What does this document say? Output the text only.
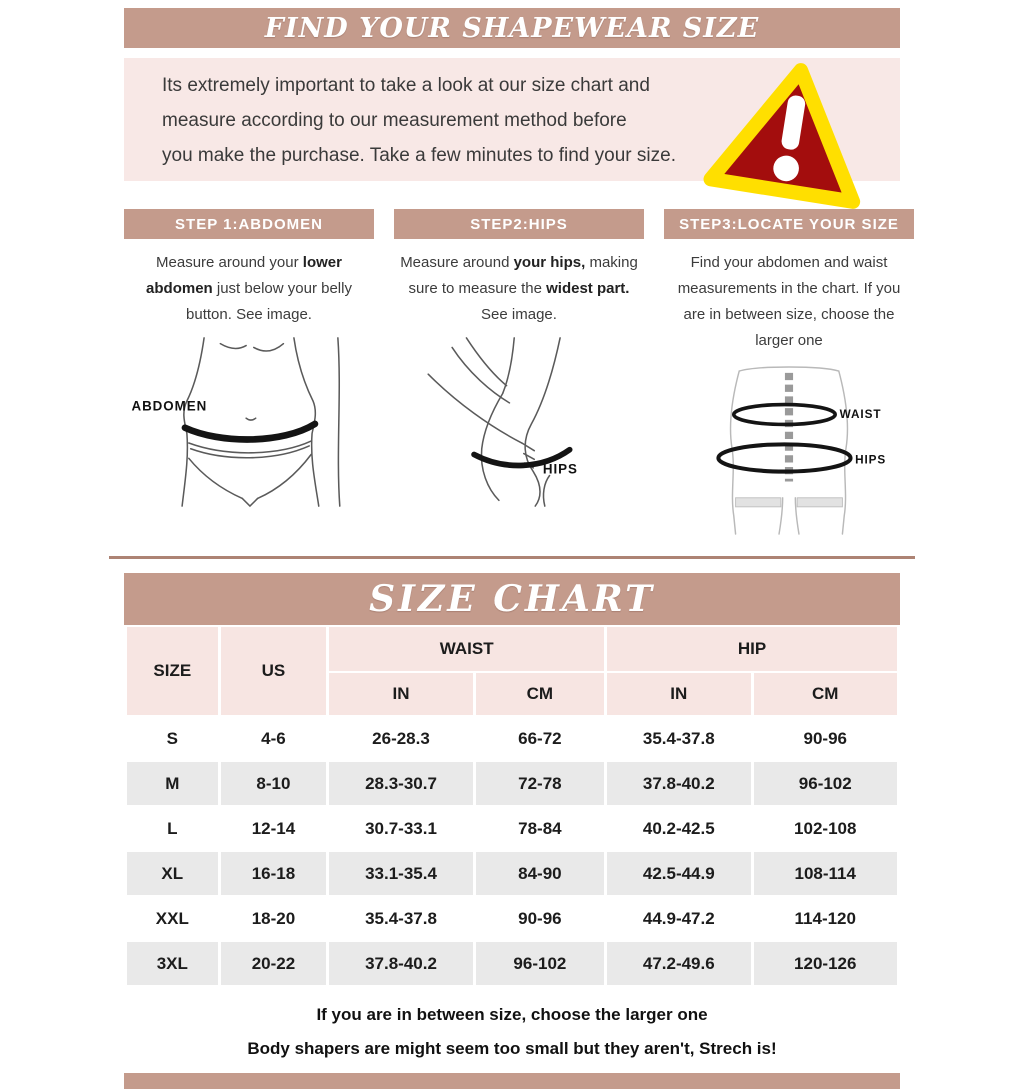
FIND YOUR SHAPEWEAR SIZE
Its extremely important to take a look at our size chart and
measure according to our measurement method before
you make the purchase. Take a few minutes to find your size.
STEP 1:ABDOMEN
Measure around your lower abdomen just below your belly button. See image.
ABDOMEN
STEP2:HIPS
Measure around your hips, making sure to measure the widest part. See image.
HIPS
STEP3:LOCATE YOUR SIZE
Find your abdomen and waist measurements in the chart. If you are in between size, choose the larger one
WAIST
HIPS
SIZE CHART
SIZE	US	WAIST		HIP	
		IN	CM	IN	CM
S	4-6	26-28.3	66-72	35.4-37.8	90-96
M	8-10	28.3-30.7	72-78	37.8-40.2	96-102
L	12-14	30.7-33.1	78-84	40.2-42.5	102-108
XL	16-18	33.1-35.4	84-90	42.5-44.9	108-114
XXL	18-20	35.4-37.8	90-96	44.9-47.2	114-120
3XL	20-22	37.8-40.2	96-102	47.2-49.6	120-126
If you are in between size, choose the larger one
Body shapers are might seem too small but they aren't, Strech is!
